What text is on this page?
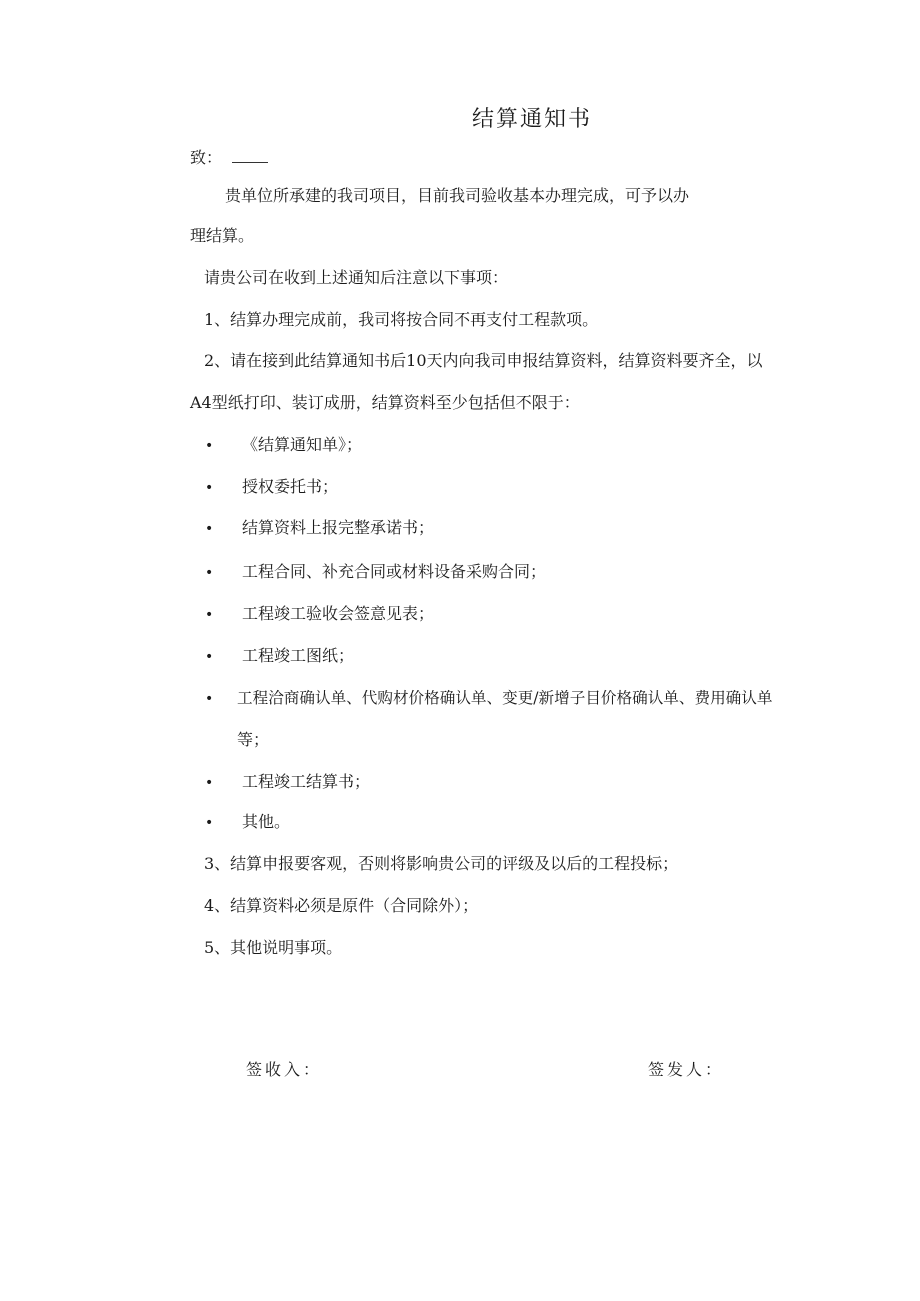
结算通知书
致：
贵单位所承建的我司项目，目前我司验收基本办理完成，可予以办
理结算。
请贵公司在收到上述通知后注意以下事项：
1、结算办理完成前，我司将按合同不再支付工程款项。
2、请在接到此结算通知书后10天内向我司申报结算资料，结算资料要齐全，以
A4型纸打印、装订成册，结算资料至少包括但不限于：
• 《结算通知单》；
• 授权委托书；
• 结算资料上报完整承诺书；
• 工程合同、补充合同或材料设备采购合同；
• 工程竣工验收会签意见表；
• 工程竣工图纸；
• 工程洽商确认单、代购材价格确认单、变更/新增子目价格确认单、费用确认单
等；
• 工程竣工结算书；
• 其他。
3、结算申报要客观，否则将影响贵公司的评级及以后的工程投标；
4、结算资料必须是原件（合同除外）；
5、其他说明事项。
签收入：	签发人：
